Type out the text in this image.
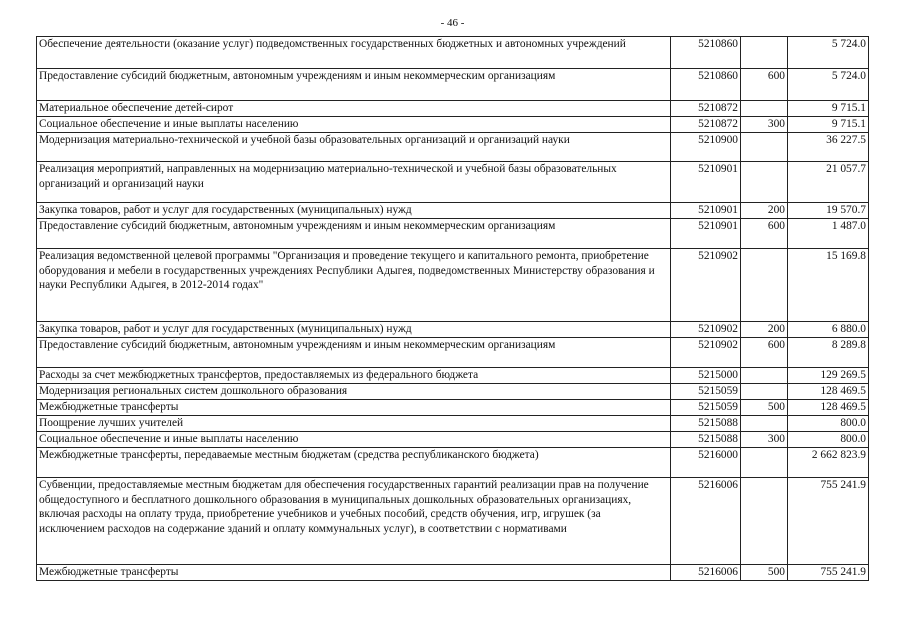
- 46 -
Обеспечение деятельности (оказание услуг) подведомственных государственных бюджетных и автономных учреждений	5210860		5 724.0
Предоставление субсидий бюджетным, автономным учреждениям и иным некоммерческим организациям	5210860	600	5 724.0
Материальное обеспечение детей-сирот	5210872		9 715.1
Социальное обеспечение и иные выплаты населению	5210872	300	9 715.1
Модернизация материально-технической и учебной базы образовательных организаций и организаций науки	5210900		36 227.5
Реализация мероприятий, направленных на модернизацию материально-технической и учебной базы образовательных организаций и организаций науки	5210901		21 057.7
Закупка товаров, работ и услуг для государственных (муниципальных) нужд	5210901	200	19 570.7
Предоставление субсидий бюджетным, автономным учреждениям и иным некоммерческим организациям	5210901	600	1 487.0
Реализация ведомственной целевой программы "Организация и проведение текущего и капитального ремонта, приобретение оборудования и мебели в государственных учреждениях Республики Адыгея, подведомственных Министерству образования и науки Республики Адыгея, в 2012-2014 годах"	5210902		15 169.8
Закупка товаров, работ и услуг для государственных (муниципальных) нужд	5210902	200	6 880.0
Предоставление субсидий бюджетным, автономным учреждениям и иным некоммерческим организациям	5210902	600	8 289.8
Расходы за счет межбюджетных трансфертов, предоставляемых из федерального бюджета	5215000		129 269.5
Модернизация региональных систем дошкольного образования	5215059		128 469.5
Межбюджетные трансферты	5215059	500	128 469.5
Поощрение лучших учителей	5215088		800.0
Социальное обеспечение и иные выплаты населению	5215088	300	800.0
Межбюджетные трансферты, передаваемые местным бюджетам (средства республиканского бюджета)	5216000		2 662 823.9
Субвенции, предоставляемые местным бюджетам для обеспечения государственных гарантий реализации прав на получение общедоступного и бесплатного дошкольного образования в муниципальных дошкольных образовательных организациях, включая расходы на оплату труда, приобретение учебников и учебных пособий, средств обучения, игр, игрушек (за исключением расходов на содержание зданий и оплату коммунальных услуг), в соответствии с нормативами	5216006		755 241.9
Межбюджетные трансферты	5216006	500	755 241.9
